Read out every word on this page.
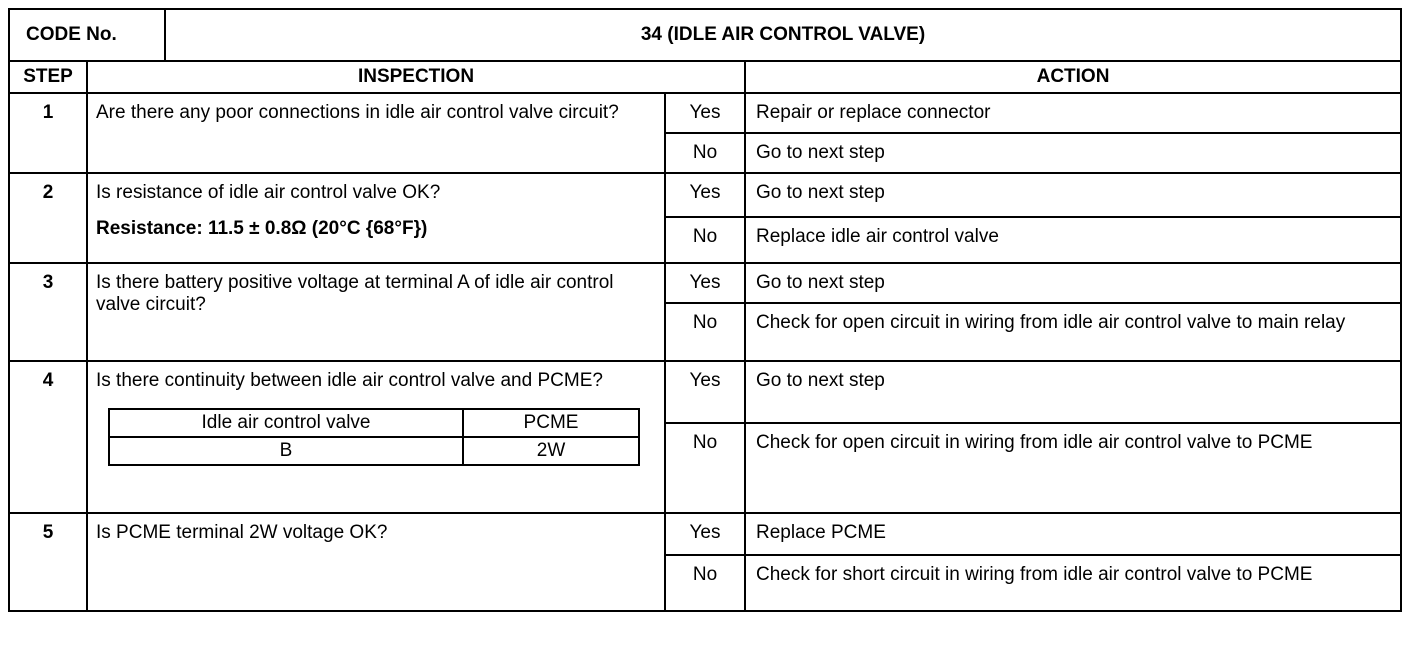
CODE No.	34 (IDLE AIR CONTROL VALVE)
STEP	INSPECTION	ACTION
1	Are there any poor connections in idle air control valve circuit?	Yes	Repair or replace connector
No	Go to next step
2	Is resistance of idle air control valve OK?
Resistance: 11.5 ± 0.8Ω (20°C {68°F})
	Yes	Go to next step
No	Replace idle air control valve
3	Is there battery positive voltage at terminal A of idle air control valve circuit?	Yes	Go to next step
No	Check for open circuit in wiring from idle air control valve to main relay
4	Is there continuity between idle air control valve and PCME?
Idle air control valve	PCME
B	2W
	Yes	Go to next step
No	Check for open circuit in wiring from idle air control valve to PCME
5	Is PCME terminal 2W voltage OK?	Yes	Replace PCME
No	Check for short circuit in wiring from idle air control valve to PCME
